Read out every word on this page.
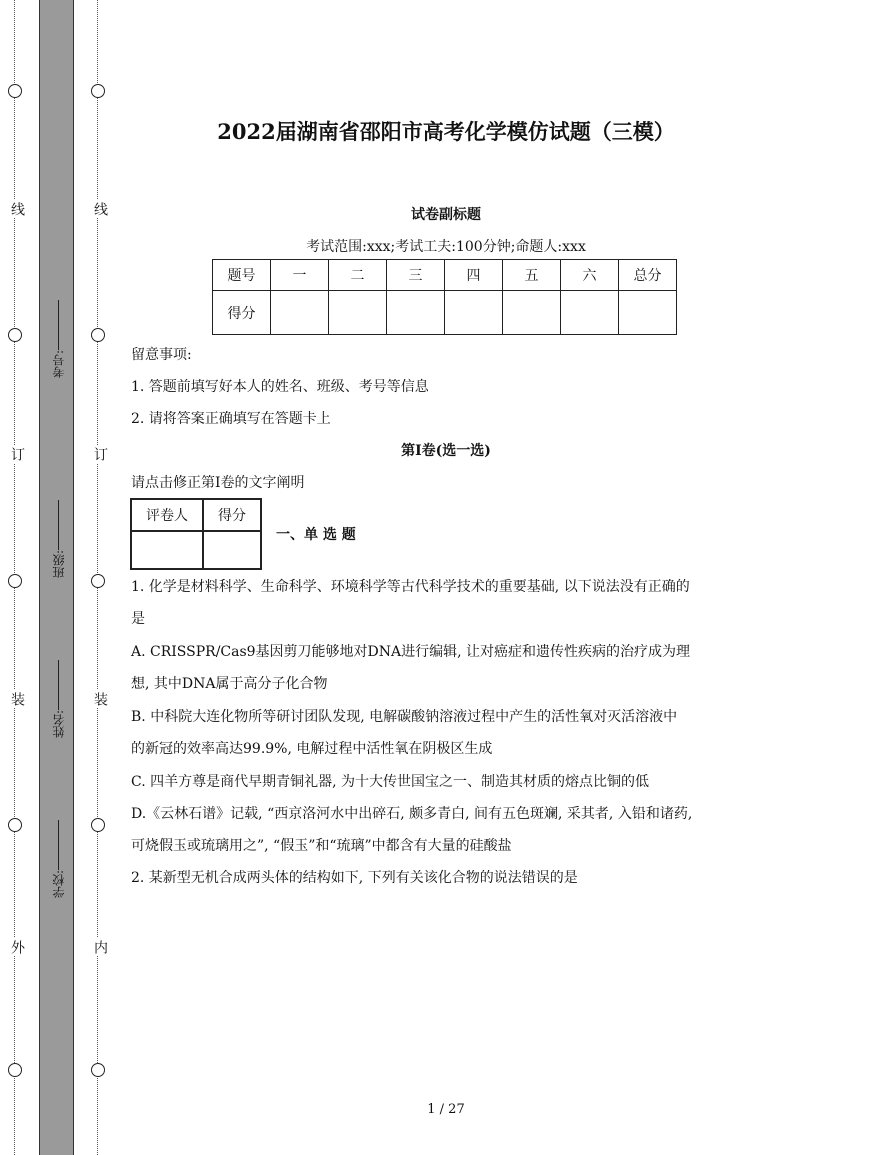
线
订
装
外
线
订
装
内
考号:
班级:
姓名:
学校:
2022届湖南省邵阳市高考化学模仿试题（三模）
试卷副标题
考试范围:xxx;考试工夫:100分钟;命题人:xxx
题号	一	二	三	四	五	六	总分
得分							
留意事项:
1. 答题前填写好本人的姓名、班级、考号等信息
2. 请将答案正确填写在答题卡上
第I卷(选一选)
请点击修正第I卷的文字阐明
评卷人	得分

一、单 选 题
1. 化学是材料科学、生命科学、环境科学等古代科学技术的重要基础, 以下说法没有正确的
是
A. CRISSPR/Cas9基因剪刀能够地对DNA进行编辑, 让对癌症和遗传性疾病的治疗成为理
想, 其中DNA属于高分子化合物
B. 中科院大连化物所等研讨团队发现, 电解碳酸钠溶液过程中产生的活性氧对灭活溶液中
的新冠的效率高达99.9%, 电解过程中活性氧在阴极区生成
C. 四羊方尊是商代早期青铜礼器, 为十大传世国宝之一、制造其材质的熔点比铜的低
D.《云林石谱》记载, “西京洛河水中出碎石, 颇多青白, 间有五色斑斓, 采其者, 入铅和诸药,
可烧假玉或琉璃用之”, “假玉”和“琉璃”中都含有大量的硅酸盐
2. 某新型无机合成两头体的结构如下, 下列有关该化合物的说法错误的是
1 / 27
